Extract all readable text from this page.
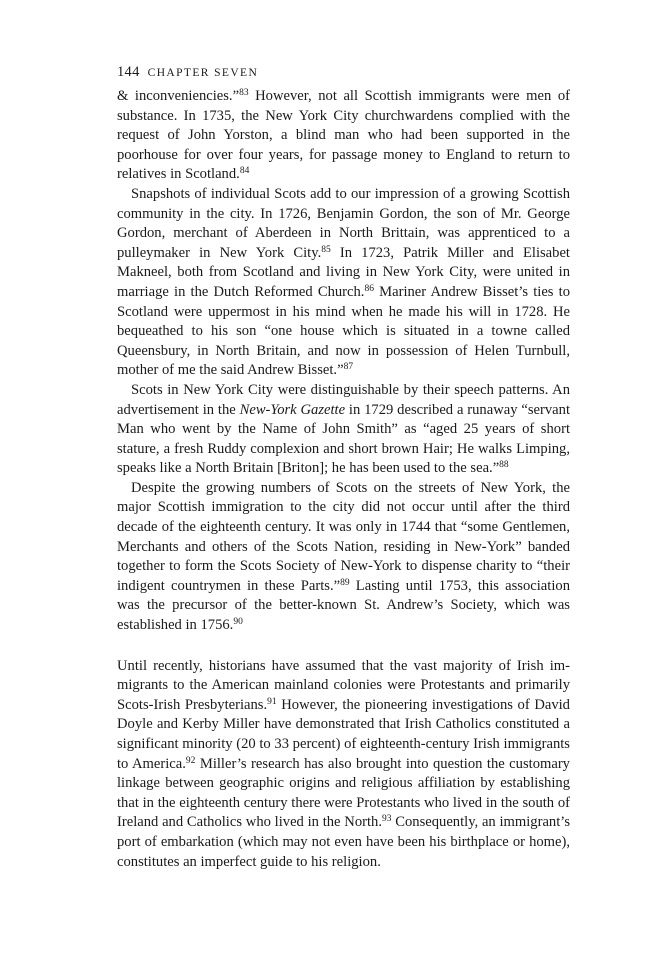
144 CHAPTER SEVEN

& inconveniencies.”$^{83}$ However, not all Scottish immigrants were men of substance. In 1735, the New York City churchwardens complied with the request of John Yorston, a blind man who had been supported in the poorhouse for over four years, for passage money to England to return to relatives in Scotland.$^{84}$

Snapshots of individual Scots add to our impression of a growing Scottish community in the city. In 1726, Benjamin Gordon, the son of Mr. George Gordon, merchant of Aberdeen in North Brittain, was apprenticed to a pulleymaker in New York City.$^{85}$ In 1723, Patrik Miller and Elisabet Makneel, both from Scotland and living in New York City, were united in marriage in the Dutch Reformed Church.$^{86}$ Mariner Andrew Bisset’s ties to Scotland were uppermost in his mind when he made his will in 1728. He bequeathed to his son “one house which is situated in a towne called Queensbury, in North Britain, and now in possession of Helen Turnbull, mother of me the said Andrew Bisset.”$^{87}$

Scots in New York City were distinguishable by their speech patterns. An advertisement in the New-York Gazette in 1729 described a runaway “servant Man who went by the Name of John Smith” as “aged 25 years of short stature, a fresh Ruddy complexion and short brown Hair; He walks Limping, speaks like a North Britain [Briton]; he has been used to the sea.”$^{88}$

Despite the growing numbers of Scots on the streets of New York, the major Scottish immigration to the city did not occur until after the third decade of the eighteenth century. It was only in 1744 that “some Gentlemen, Merchants and others of the Scots Nation, residing in New-York” banded together to form the Scots Society of New-York to dispense charity to “their indigent countrymen in these Parts.”$^{89}$ Lasting until 1753, this association was the precursor of the better-known St. Andrew’s Society, which was established in 1756.90

Until recently, historians have assumed that the vast majority of Irish immigrants to the American mainland colonies were Protestants and primarily Scots-Irish Presbyterians.$^{91}$ However, the pioneering investigations of David Doyle and Kerby Miller have demonstrated that Irish Catholics constituted a significant minority (20 to 33 percent) of eighteenth-century Irish immigrants to America.$^{92}$ Miller’s research has also brought into question the customary linkage between geographic origins and religious affiliation by establishing that in the eighteenth century there were Protestants who lived in the south of Ireland and Catholics who lived in the North.$^{93}$ Consequently, an immigrant’s port of embarkation (which may not even have been his birthplace or home), constitutes an imperfect guide to his religion.
